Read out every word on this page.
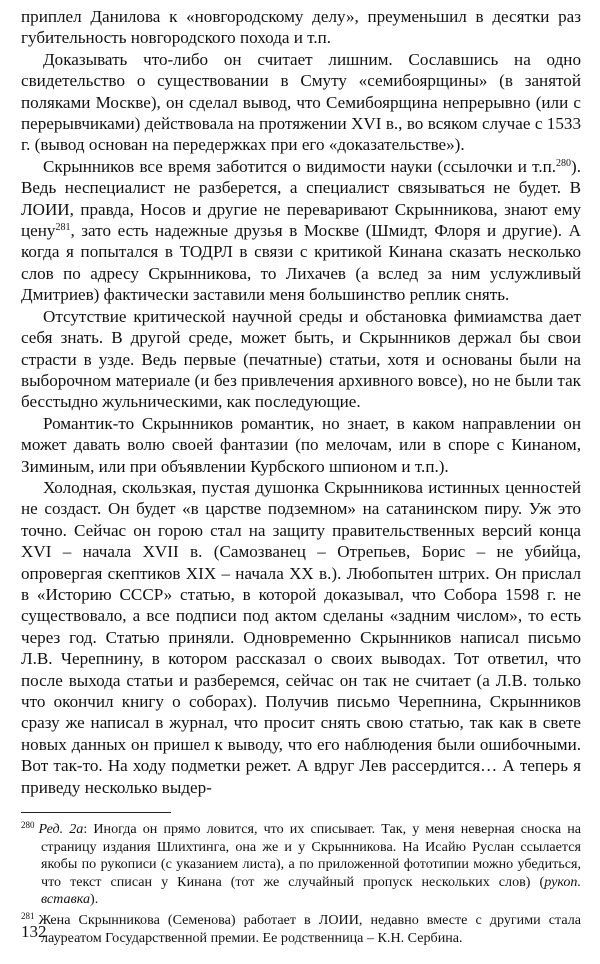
приплел Данилова к «новгородскому делу», преуменьшил в десятки раз губительность новгородского похода и т.п.

Доказывать что-либо он считает лишним. Сославшись на одно свидетельство о существовании в Смуту «семибоярщины» (в занятой поляками Москве), он сделал вывод, что Семибоярщина непрерывно (или с перерывчиками) действовала на протяжении XVI в., во всяком случае с 1533 г. (вывод основан на передержках при его «доказательстве»).

Скрынников все время заботится о видимости науки (ссылочки и т.п.$^{280}$). Ведь неспециалист не разберется, а специалист связываться не будет. В ЛОИИ, правда, Носов и другие не переваривают Скрынникова, знают ему цену$^{281}$, зато есть надежные друзья в Москве (Шмидт, Флоря и другие). А когда я попытался в ТОДРЛ в связи с критикой Кинана сказать несколько слов по адресу Скрынникова, то Лихачев (а вслед за ним услужливый Дмитриев) фактически заставили меня большинство реплик снять.

Отсутствие критической научной среды и обстановка фимиамства дает себя знать. В другой среде, может быть, и Скрынников держал бы свои страсти в узде. Ведь первые (печатные) статьи, хотя и основаны были на выборочном материале (и без привлечения архивного вовсе), но не были так бесстыдно жульническими, как последующие.

Романтик-то Скрынников романтик, но знает, в каком направлении он может давать волю своей фантазии (по мелочам, или в споре с Кинаном, Зиминым, или при объявлении Курбского шпионом и т.п.).

Холодная, скользкая, пустая душонка Скрынникова истинных ценностей не создаст. Он будет «в царстве подземном» на сатанинском пиру. Уж это точно. Сейчас он горою стал на защиту правительственных версий конца XVI – начала XVII в. (Самозванец – Отрепьев, Борис – не убийца, опровергая скептиков XIX – начала XX в.). Любопытен штрих. Он прислал в «Историю СССР» статью, в которой доказывал, что Собора 1598 г. не существовало, а все подписи под актом сделаны «задним числом», то есть через год. Статью приняли. Одновременно Скрынников написал письмо Л.В. Черепнину, в котором рассказал о своих выводах. Тот ответил, что после выхода статьи и разберемся, сейчас он так не считает (а Л.В. только что окончил книгу о соборах). Получив письмо Черепнина, Скрынников сразу же написал в журнал, что просит снять свою статью, так как в свете новых данных он пришел к выводу, что его наблюдения были ошибочными. Вот так-то. На ходу подметки режет. А вдруг Лев рассердится… А теперь я приведу несколько выдер-

$^{280}$ Ред. 2а: Иногда он прямо ловится, что их списывает. Так, у меня неверная сноска на страницу издания Шлихтинга, она же и у Скрынникова. На Исайю Руслан ссылается якобы по рукописи (с указанием листа), а по приложенной фототипии можно убедиться, что текст списан у Кинана (тот же случайный пропуск нескольких слов) (рукоп. вставка).

$^{281}$ Жена Скрынникова (Семенова) работает в ЛОИИ, недавно вместе с другими стала лауреатом Государственной премии. Ее родственница – К.Н. Сербина.

132
